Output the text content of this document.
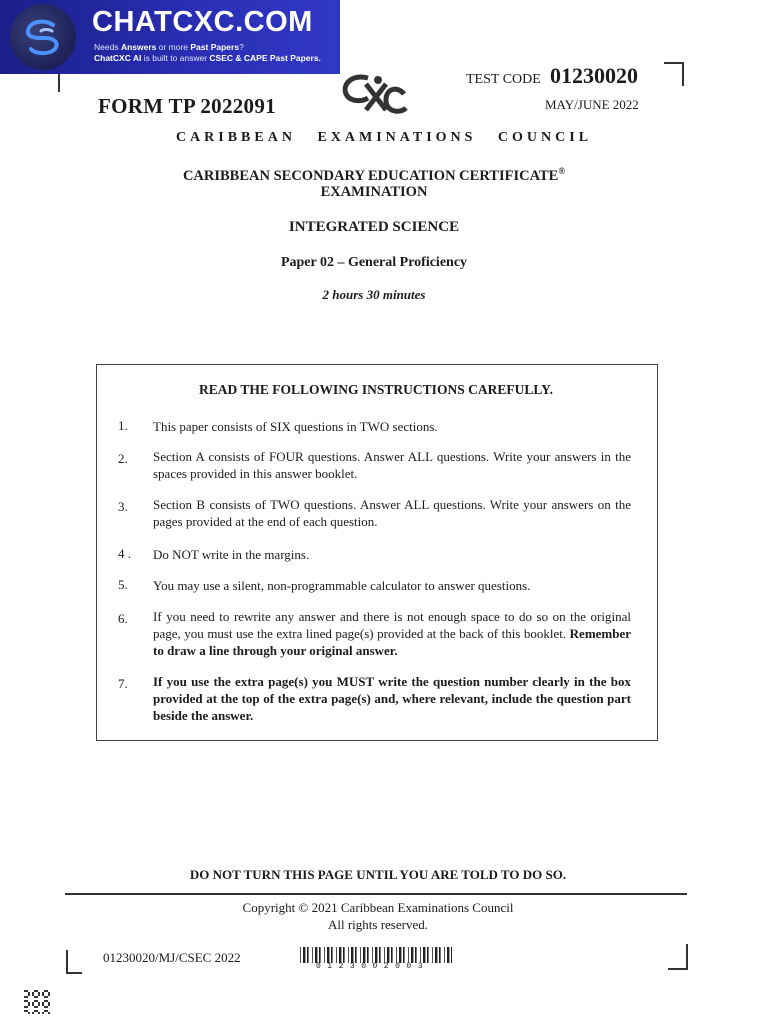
CHATCXC.COM
Needs Answers or more Past Papers?
ChatCXC AI is built to answer CSEC & CAPE Past Papers.
FORM TP 2022091
TEST CODE 01230020
MAY/JUNE 2022
CARIBBEAN EXAMINATIONS COUNCIL
CARIBBEAN SECONDARY EDUCATION CERTIFICATE®
EXAMINATION
INTEGRATED SCIENCE
Paper 02 – General Proficiency
2 hours 30 minutes
READ THE FOLLOWING INSTRUCTIONS CAREFULLY.
1. This paper consists of SIX questions in TWO sections.
2. Section A consists of FOUR questions. Answer ALL questions. Write your answers in the spaces provided in this answer booklet.
3. Section B consists of TWO questions. Answer ALL questions. Write your answers on the pages provided at the end of each question.
4 . Do NOT write in the margins.
5. You may use a silent, non-programmable calculator to answer questions.
6. If you need to rewrite any answer and there is not enough space to do so on the original page, you must use the extra lined page(s) provided at the back of this booklet. Remember to draw a line through your original answer.
7. If you use the extra page(s) you MUST write the question number clearly in the box provided at the top of the extra page(s) and, where relevant, include the question part beside the answer.
DO NOT TURN THIS PAGE UNTIL YOU ARE TOLD TO DO SO.
Copyright © 2021 Caribbean Examinations Council
All rights reserved.
01230020/MJ/CSEC 2022
0123002003
